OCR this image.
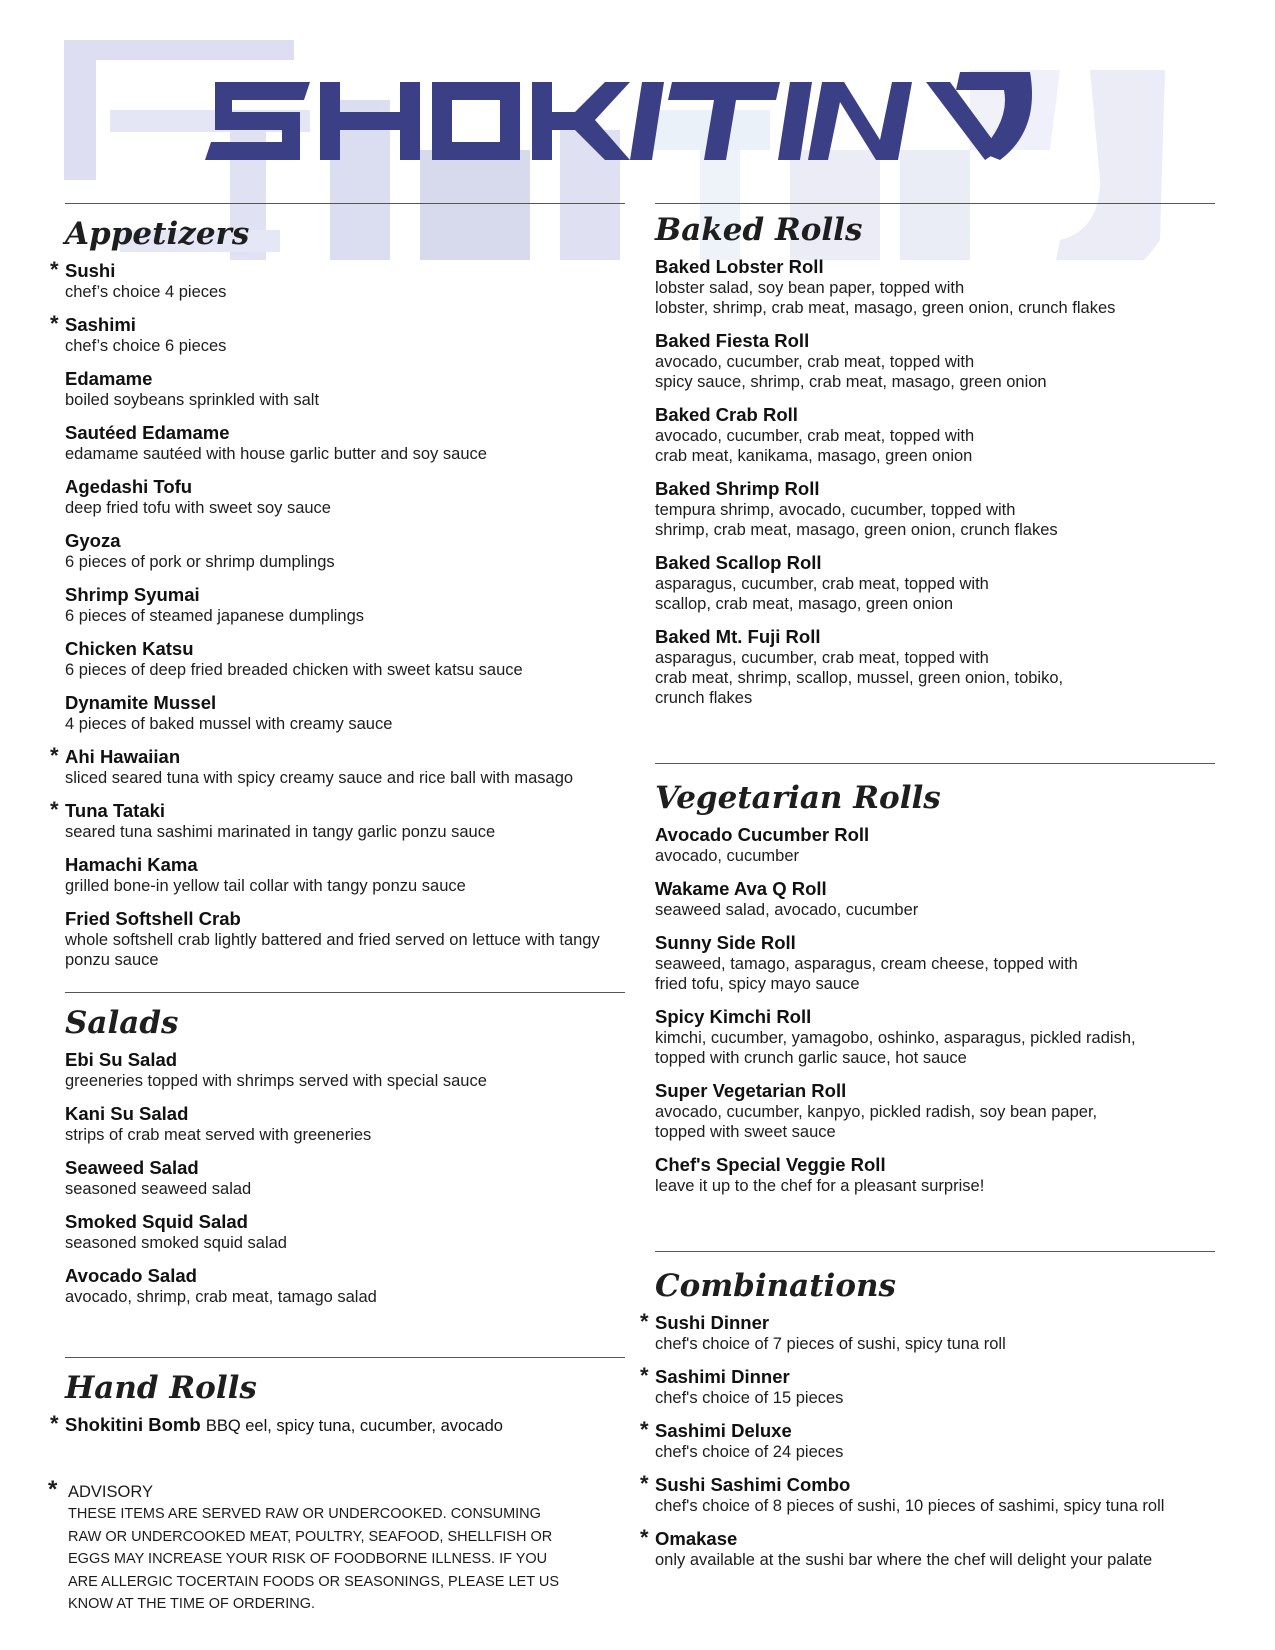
Appetizers
* Sushi
chef’s choice 4 pieces
* Sashimi
chef’s choice 6 pieces
Edamame
boiled soybeans sprinkled with salt
Sautéed Edamame
edamame sautéed with house garlic butter and soy sauce
Agedashi Tofu
deep fried tofu with sweet soy sauce
Gyoza
6 pieces of pork or shrimp dumplings
Shrimp Syumai
6 pieces of steamed japanese dumplings
Chicken Katsu
6 pieces of deep fried breaded chicken with sweet katsu sauce
Dynamite Mussel
4 pieces of baked mussel with creamy sauce
* Ahi Hawaiian
sliced seared tuna with spicy creamy sauce and rice ball with masago
* Tuna Tataki
seared tuna sashimi marinated in tangy garlic ponzu sauce
Hamachi Kama
grilled bone-in yellow tail collar with tangy ponzu sauce
Fried Softshell Crab
whole softshell crab lightly battered and fried served on lettuce with tangy ponzu sauce
Salads
Ebi Su Salad
greeneries topped with shrimps served with special sauce
Kani Su Salad
strips of crab meat served with greeneries
Seaweed Salad
seasoned seaweed salad
Smoked Squid Salad
seasoned smoked squid salad
Avocado Salad
avocado, shrimp, crab meat, tamago salad
Hand Rolls
* Shokitini Bomb BBQ eel, spicy tuna, cucumber, avocado
Baked Rolls
Baked Lobster Roll
lobster salad, soy bean paper, topped with
lobster, shrimp, crab meat, masago, green onion, crunch flakes
Baked Fiesta Roll
avocado, cucumber, crab meat, topped with
spicy sauce, shrimp, crab meat, masago, green onion
Baked Crab Roll
avocado, cucumber, crab meat, topped with
crab meat, kanikama, masago, green onion
Baked Shrimp Roll
tempura shrimp, avocado, cucumber, topped with
shrimp, crab meat, masago, green onion, crunch flakes
Baked Scallop Roll
asparagus, cucumber, crab meat, topped with
scallop, crab meat, masago, green onion
Baked Mt. Fuji Roll
asparagus, cucumber, crab meat, topped with
crab meat, shrimp, scallop, mussel, green onion, tobiko,
crunch flakes
Vegetarian Rolls
Avocado Cucumber Roll
avocado, cucumber
Wakame Ava Q Roll
seaweed salad, avocado, cucumber
Sunny Side Roll
seaweed, tamago, asparagus, cream cheese, topped with
fried tofu, spicy mayo sauce
Spicy Kimchi Roll
kimchi, cucumber, yamagobo, oshinko, asparagus, pickled radish,
topped with crunch garlic sauce, hot sauce
Super Vegetarian Roll
avocado, cucumber, kanpyo, pickled radish, soy bean paper,
topped with sweet sauce
Chef's Special Veggie Roll
leave it up to the chef for a pleasant surprise!
Combinations
* Sushi Dinner
chef's choice of 7 pieces of sushi, spicy tuna roll
* Sashimi Dinner
chef's choice of 15 pieces
* Sashimi Deluxe
chef's choice of 24 pieces
* Sushi Sashimi Combo
chef's choice of 8 pieces of sushi, 10 pieces of sashimi, spicy tuna roll
* Omakase
only available at the sushi bar where the chef will delight your palate
* ADVISORY
THESE ITEMS ARE SERVED RAW OR UNDERCOOKED. CONSUMING
RAW OR UNDERCOOKED MEAT, POULTRY, SEAFOOD, SHELLFISH OR
EGGS MAY INCREASE YOUR RISK OF FOODBORNE ILLNESS. IF YOU
ARE ALLERGIC TOCERTAIN FOODS OR SEASONINGS, PLEASE LET US
KNOW AT THE TIME OF ORDERING.
